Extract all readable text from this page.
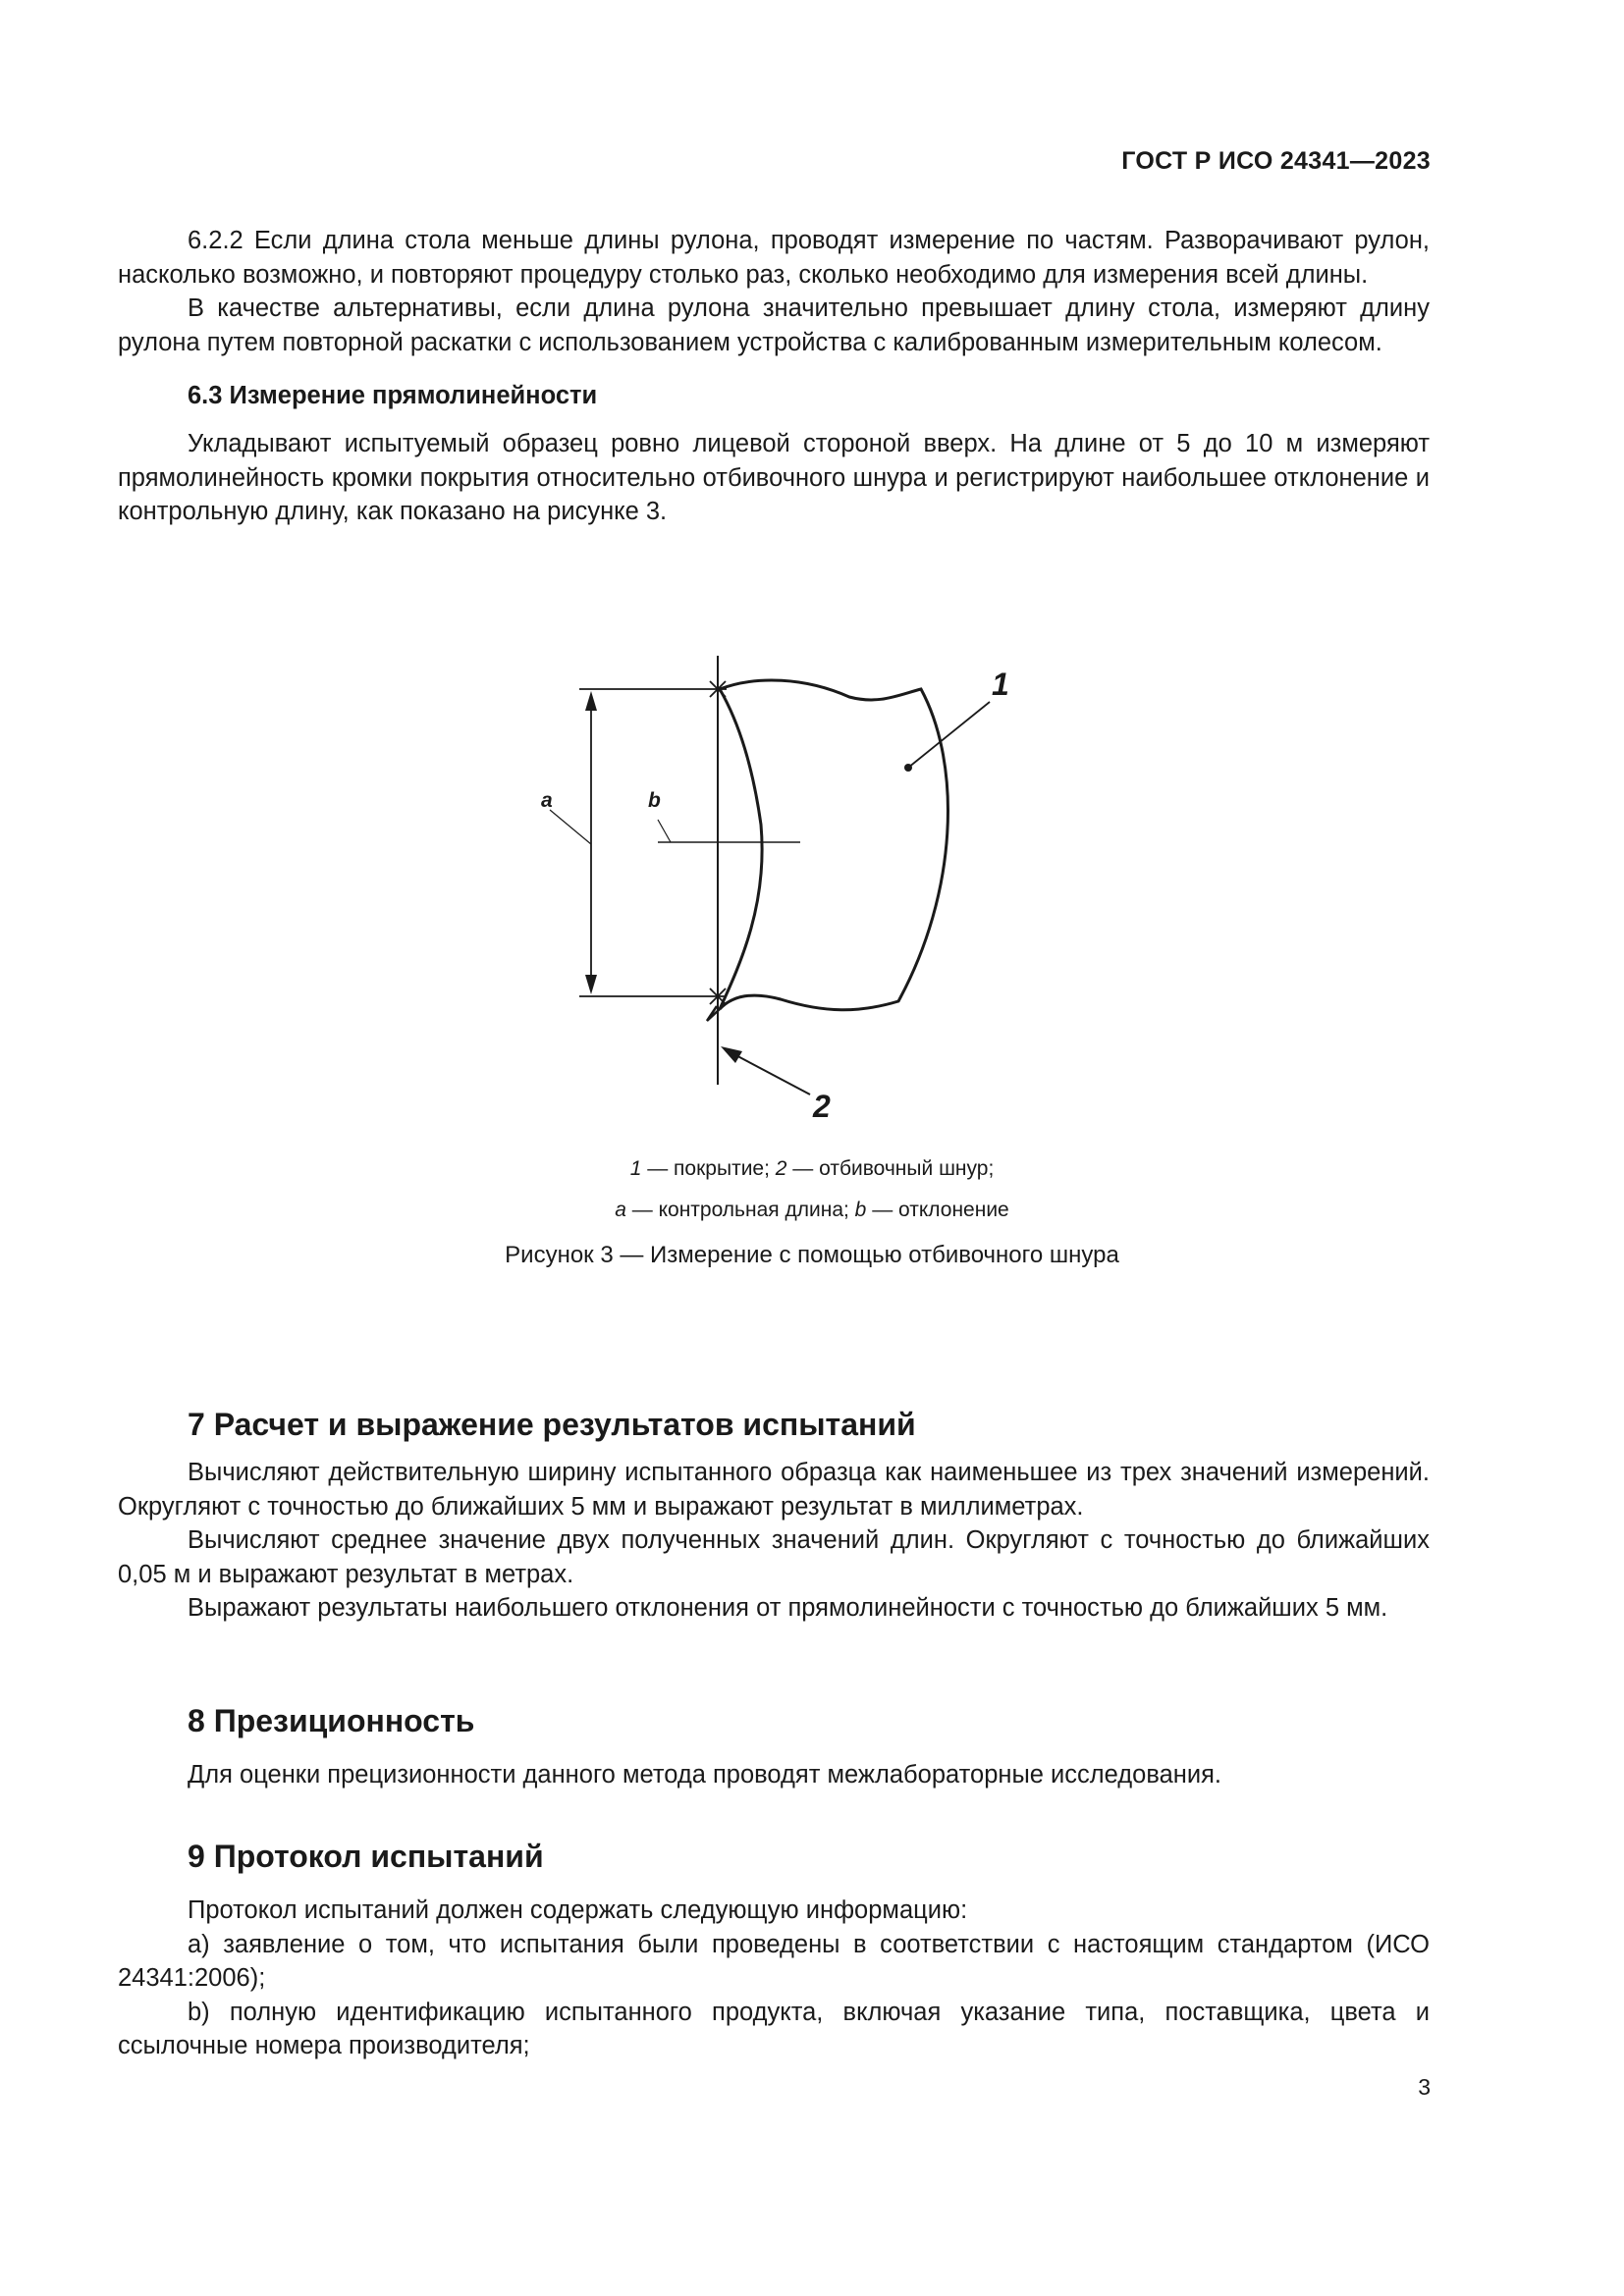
ГОСТ Р ИСО 24341—2023

6.2.2 Если длина стола меньше длины рулона, проводят измерение по частям. Разворачивают рулон, насколько возможно, и повторяют процедуру столько раз, сколько необходимо для измерения всей длины.

В качестве альтернативы, если длина рулона значительно превышает длину стола, измеряют длину рулона путем повторной раскатки с использованием устройства с калиброванным измерительным колесом.

6.3 Измерение прямолинейности

Укладывают испытуемый образец ровно лицевой стороной вверх. На длине от 5 до 10 м измеряют прямолинейность кромки покрытия относительно отбивочного шнура и регистрируют наибольшее отклонение и контрольную длину, как показано на рисунке 3.

1
2
a	b
1 — покрытие; 2 — отбивочный шнур;
a — контрольная длина; b — отклонение
Рисунок 3 — Измерение с помощью отбивочного шнура
7 Расчет и выражение результатов испытаний

Вычисляют действительную ширину испытанного образца как наименьшее из трех значений измерений. Округляют с точностью до ближайших 5 мм и выражают результат в миллиметрах.

Вычисляют среднее значение двух полученных значений длин. Округляют с точностью до ближайших 0,05 м и выражают результат в метрах.

Выражают результаты наибольшего отклонения от прямолинейности с точностью до ближайших 5 мм.

8 Презиционность

Для оценки прецизионности данного метода проводят межлабораторные исследования.

9 Протокол испытаний

Протокол испытаний должен содержать следующую информацию:

a) заявление о том, что испытания были проведены в соответствии с настоящим стандартом (ИСО 24341:2006);

b) полную идентификацию испытанного продукта, включая указание типа, поставщика, цвета и ссылочные номера производителя;

3
